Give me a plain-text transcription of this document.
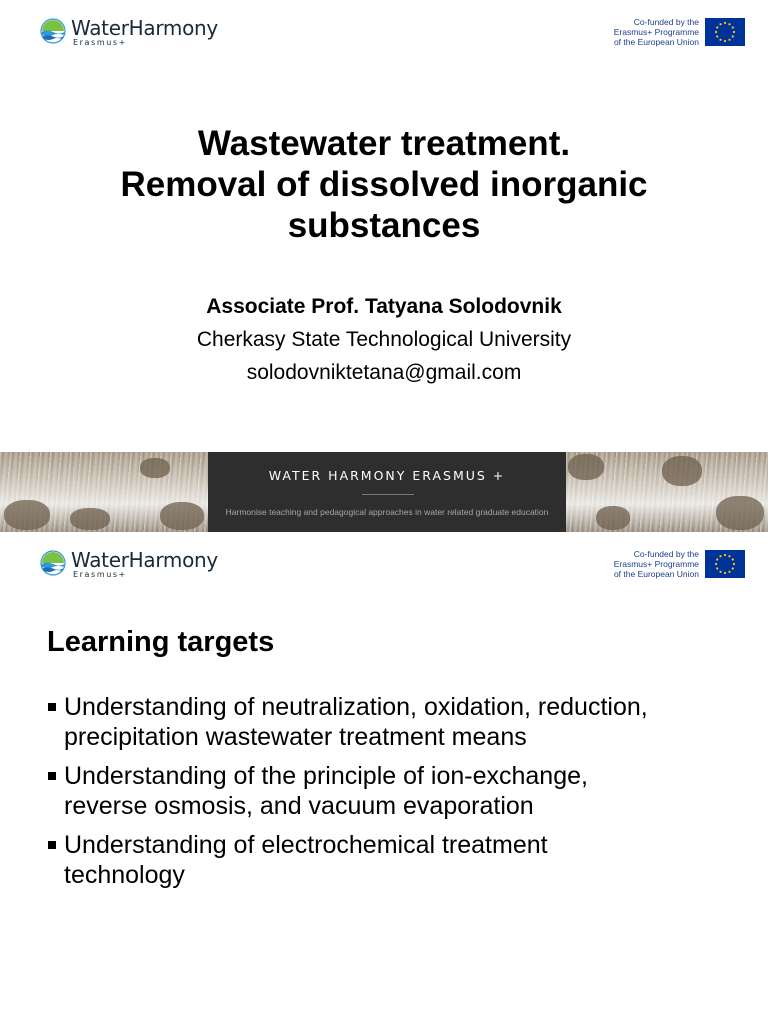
WaterHarmony
Erasmus+
Co-funded by the
Erasmus+ Programme
of the European Union
Wastewater treatment.
Removal of dissolved inorganic
substances
Associate Prof. Tatyana Solodovnik
Cherkasy State Technological University
solodovniktetana@gmail.com
WATER HARMONY ERASMUS +
Harmonise teaching and pedagogical approaches in water related graduate education
WaterHarmony
Erasmus+
Co-funded by the
Erasmus+ Programme
of the European Union
Learning targets
Understanding of neutralization, oxidation, reduction,
precipitation wastewater treatment means
Understanding of the principle of ion-exchange,
reverse osmosis, and vacuum evaporation
Understanding of electrochemical treatment
technology
